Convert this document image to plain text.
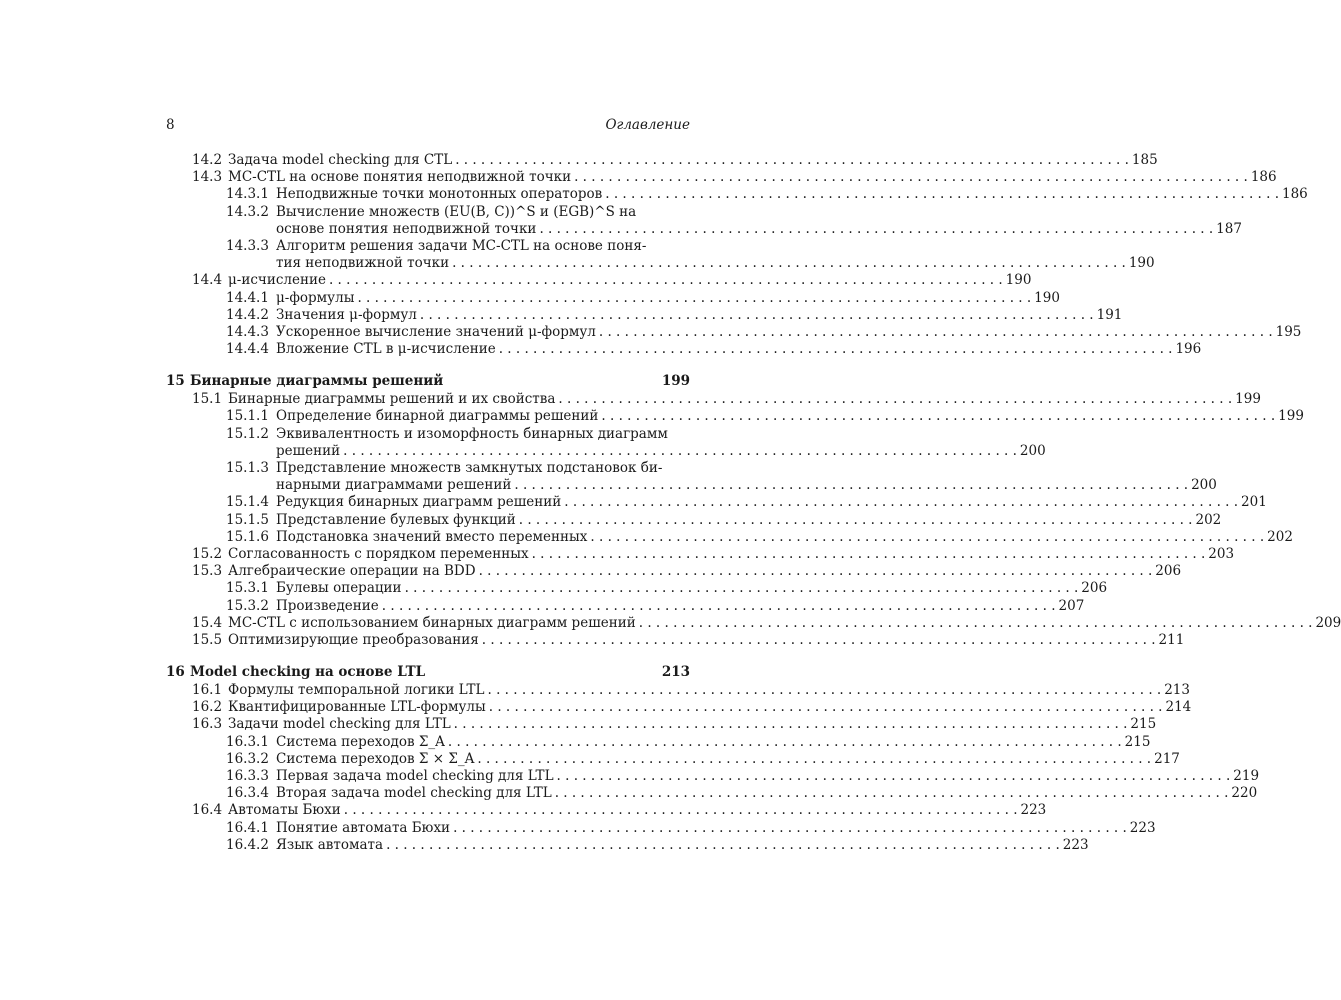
8	Оглавление
14.2 Задача model checking для CTL . . .	185
14.3 MC-CTL на основе понятия неподвижной точки . . .	186
14.3.1 Неподвижные точки монотонных операторов . . .	186
14.3.2 Вычисление множеств (EU(B, C))^S и (EGB)^S на
основе понятия неподвижной точки . . .	187
14.3.3 Алгоритм решения задачи MC-CTL на основе поня-
тия неподвижной точки . . .	190
14.4 μ-исчисление . . .	190
14.4.1 μ-формулы . . .	190
14.4.2 Значения μ-формул . . .	191
14.4.3 Ускоренное вычисление значений μ-формул . . .	195
14.4.4 Вложение CTL в μ-исчисление . . .	196
15 Бинарные диаграммы решений	199
15.1 Бинарные диаграммы решений и их свойства . . .	199
15.1.1 Определение бинарной диаграммы решений . . .	199
15.1.2 Эквивалентность и изоморфность бинарных диаграмм
решений . . .	200
15.1.3 Представление множеств замкнутых подстановок би-
нарными диаграммами решений . . .	200
15.1.4 Редукция бинарных диаграмм решений . . .	201
15.1.5 Представление булевых функций . . .	202
15.1.6 Подстановка значений вместо переменных . . .	202
15.2 Согласованность с порядком переменных . . .	203
15.3 Алгебраические операции на BDD . . .	206
15.3.1 Булевы операции . . .	206
15.3.2 Произведение . . .	207
15.4 MC-CTL с использованием бинарных диаграмм решений . . .	209
15.5 Оптимизирующие преобразования . . .	211
16 Model checking на основе LTL	213
16.1 Формулы темпоральной логики LTL . . .	213
16.2 Квантифицированные LTL-формулы . . .	214
16.3 Задачи model checking для LTL . . .	215
16.3.1 Система переходов Σ_A . . .	215
16.3.2 Система переходов Σ × Σ_A . . .	217
16.3.3 Первая задача model checking для LTL . . .	219
16.3.4 Вторая задача model checking для LTL . . .	220
16.4 Автоматы Бюхи . . .	223
16.4.1 Понятие автомата Бюхи . . .	223
16.4.2 Язык автомата . . .	223
